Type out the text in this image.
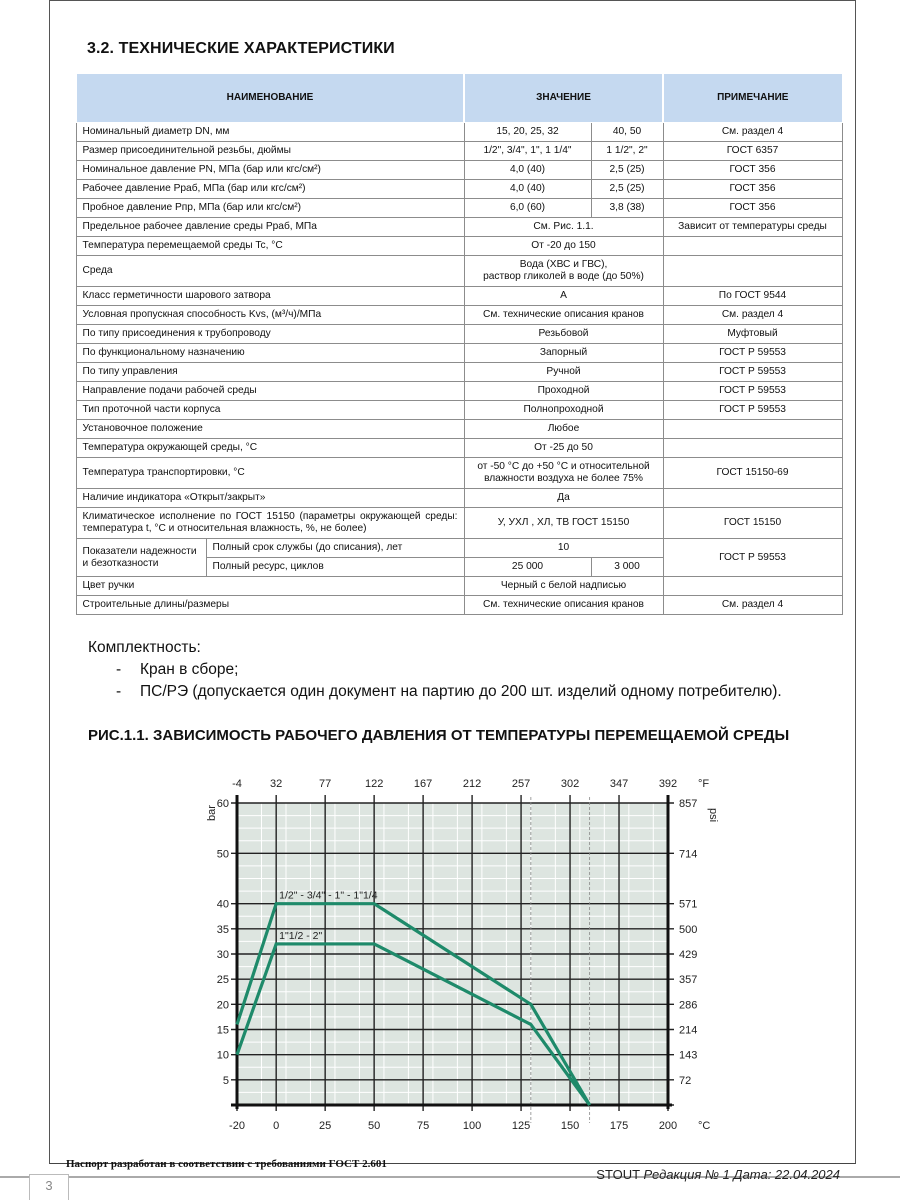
3.2. ТЕХНИЧЕСКИЕ ХАРАКТЕРИСТИКИ
НАИМЕНОВАНИЕ		ЗНАЧЕНИЕ		ПРИМЕЧАНИЕ
Номинальный диаметр DN, мм		15, 20, 25, 32	40, 50	См. раздел 4
Размер присоединительной резьбы, дюймы		1/2", 3/4", 1", 1 1/4"	1 1/2", 2"	ГОСТ 6357
Номинальное давление PN, МПа (бар или кгс/см²)		4,0 (40)	2,5 (25)	ГОСТ 356
Рабочее давление Pраб, МПа (бар или кгс/см²)		4,0 (40)	2,5 (25)	ГОСТ 356
Пробное давление Pпр, МПа (бар или кгс/см²)		6,0 (60)	3,8 (38)	ГОСТ 356
Предельное рабочее давление среды Pраб, МПа		См. Рис. 1.1.		Зависит от температуры среды
Температура перемещаемой среды Tc, °C		От -20 до 150		
Среда		Вода (ХВС и ГВС),
раствор гликолей в воде (до 50%)		
Класс герметичности шарового затвора		А		По ГОСТ 9544
Условная пропускная способность Kvs, (м³/ч)/МПа		См. технические описания кранов		См. раздел 4
По типу присоединения к трубопроводу		Резьбовой		Муфтовый
По функциональному назначению		Запорный		ГОСТ Р 59553
По типу управления		Ручной		ГОСТ Р 59553
Направление подачи рабочей среды		Проходной		ГОСТ Р 59553
Тип проточной части корпуса		Полнопроходной		ГОСТ Р 59553
Установочное положение		Любое		
Температура окружающей среды, °C		От -25 до 50		
Температура транспортировки, °C		от -50 °С до +50 °С и относительной
влажности воздуха не более 75%		ГОСТ 15150-69
Наличие индикатора «Открыт/закрыт»		Да		
Климатическое исполнение по ГОСТ 15150 (параметры окружающей среды: температура t, °С и относительная влажность, %, не более)		У, УХЛ , ХЛ, ТВ ГОСТ 15150		ГОСТ 15150
Показатели надежности и безотказности	Полный срок службы (до списания), лет	10		ГОСТ Р 59553
	Полный ресурс, циклов	25 000	3 000	
Цвет ручки		Черный с белой надписью		
Строительные длины/размеры		См. технические описания кранов		См. раздел 4
Комплектность:
- Кран в сборе;
- ПС/РЭ (допускается один документ на партию до 200 шт. изделий одному потребителю).
РИС.1.1. ЗАВИСИМОСТЬ РАБОЧЕГО ДАВЛЕНИЯ ОТ ТЕМПЕРАТУРЫ ПЕРЕМЕЩАЕМОЙ СРЕДЫ
-20	0	25	50	75	100	125	150	175	200
-4	32	77	122	167	212	257	302	347	392
5
10
15
20
25
30
35
40
50
60
72
143
214
286
357
429
500
571
714
857
°C
°F
bar	psi
1/2" - 3/4" - 1" - 1"1/4
1"1/2 - 2"
Паспорт разработан в соответствии с требованиями ГОСТ 2.601
3
STOUT Редакция № 1 Дата: 22.04.2024
